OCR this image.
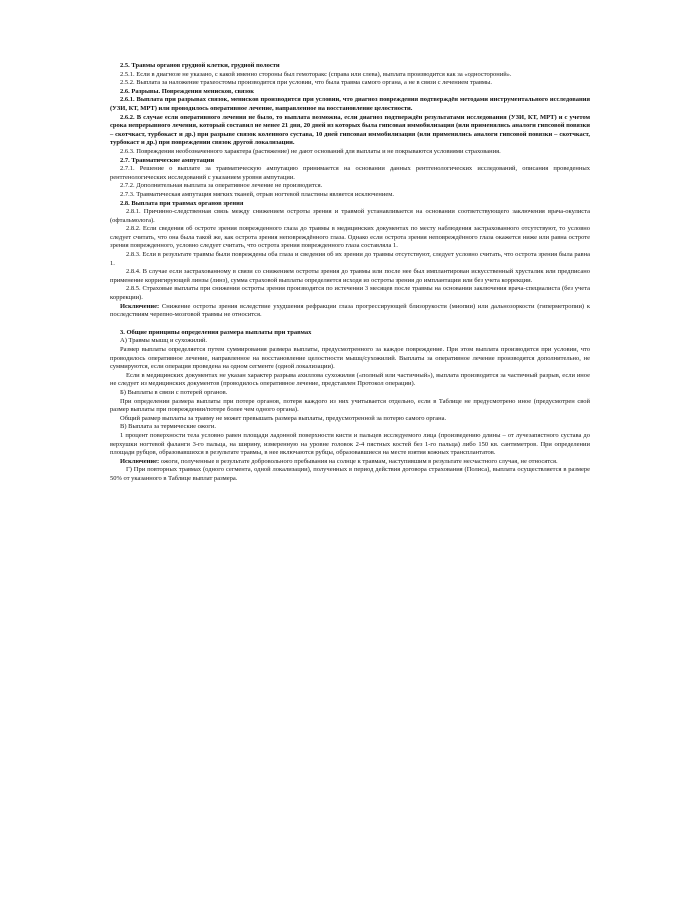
2.5. Травмы органов грудной клетки, грудной полости

2.5.1. Если в диагнозе не указано, с какой именно стороны был гемоторакс (справа или слева), выплата производится как за «одностороний».

2.5.2. Выплата за наложение трахеостомы производится при условии, что была травма самого органа, а не в связи с лечением травмы.

2.6. Разрывы. Повреждения менисков, связок

2.6.1. Выплата при разрывах связок, менисков производится при условии, что диагноз повреждения подтверждён методами инструментального исследования (УЗИ, КТ, МРТ) или проводилось оперативное лечение, направленное на восстановление целостности.

2.6.2. В случае если оперативного лечения не было, то выплата возможна, если диагноз подтверждён результатами исследования (УЗИ, КТ, МРТ) и с учетом срока непрерывного лечения, который составил не менее 21 дня, 20 дней из которых была гипсовая иммобилизация (или применялись аналоги гипсовой повязки – скотчкаст, турбокаст и др.) при разрыве связок коленного сустава, 10 дней гипсовая иммобилизация (или применялись аналоги гипсовой повязки – скотчкаст, турбокаст и др.) при повреждении связок другой локализации.

2.6.3. Повреждения необозначенного характера (растяжение) не дают оснований для выплаты и не покрываются условиями страхования.

2.7. Травматические ампутации

2.7.1. Решение о выплате за травматическую ампутацию принимается на основании данных рентгенологических исследований, описания проведенных рентгенологических исследований с указанием уровня ампутации.

2.7.2. Дополнительная выплата за оперативное лечение не производится.

2.7.3. Травматическая ампутация мягких тканей, отрыв ногтевой пластины является исключением.

2.8. Выплата при травмах органов зрения

2.8.1. Причинно-следственная связь между снижением остроты зрения и травмой устанавливается на основании соответствующего заключения врача-окулиста (офтальмолога).

2.8.2. Если сведения об остроте зрения поврежденного глаза до травмы в медицинских документах по месту наблюдения застрахованного отсутствуют, то условно следует считать, что она была такой же, как острота зрения неповреждённого глаза. Однако если острота зрения неповреждённого глаза окажется ниже или равна остроте зрения поврежденного, условно следует считать, что острота зрения поврежденного глаза составляла 1.

2.8.3. Если в результате травмы были повреждены оба глаза и сведения об их зрении до травмы отсутствуют, следует условно считать, что острота зрения была равна 1.

2.8.4. В случае если застрахованному в связи со снижением остроты зрения до травмы или после нее был имплантирован искусственный хрусталик или предписано применение корригирующей линзы (линз), сумма страховой выплаты определяется исходя из остроты зрения до имплантации или без учета коррекции.

2.8.5. Страховые выплаты при снижении остроты зрения производятся по истечении 3 месяцев после травмы на основании заключения врача-специалиста (без учета коррекции).

Исключение: Снижение остроты зрения вследствие ухудшения рефракции глаза прогрессирующей близорукости (миопии) или дальнозоркости (гиперметропии) к последствиям черепно-мозговой травмы не относится.

3. Общие принципы определения размера выплаты при травмах

А) Травмы мышц и сухожилий.

Размер выплаты определяется путем суммирования размера выплаты, предусмотренного за каждое повреждение. При этом выплата производится при условии, что проводилось оперативное лечение, направленное на восстановление целостности мышц/сухожилий. Выплаты за оперативное лечение производятся дополнительно, не суммируются, если операция проведена на одном сегменте (одной локализации).

Если в медицинских документах не указан характер разрыва ахиллова сухожилия («полный или частичный»), выплата производится за частичный разрыв, если иное не следует из медицинских документов (проводилось оперативное лечение, представлен Протокол операции).

Б) Выплаты в связи с потерей органов.

При определении размера выплаты при потере органов, потеря каждого из них учитывается отдельно, если в Таблице не предусмотрено иное (предусмотрен свой размер выплаты при повреждении/потере более чем одного органа).

Общий размер выплаты за травму не может превышать размера выплаты, предусмотренной за потерю самого органа.

В) Выплата за термические ожоги.

1 процент поверхности тела условно равен площади ладонной поверхности кисти и пальцев исследуемого лица (произведению длины – от лучезапястного сустава до верхушки ногтевой фаланги 3-го пальца, на ширину, измеренную на уровне головок 2-4 пястных костей без 1-го пальца) либо 150 кв. сантиметров. При определении площади рубцов, образовавшихся в результате травмы, в нее включаются рубцы, образовавшиеся на месте взятия кожных трансплантатов.

Исключение: ожоги, полученные в результате добровольного пребывания на солнце к травмам, наступившим в результате несчастного случая, не относятся.

Г) При повторных травмах (одного сегмента, одной локализации), полученных в период действия договора страхования (Полиса), выплата осуществляется в размере 50% от указанного в Таблице выплат размера.
